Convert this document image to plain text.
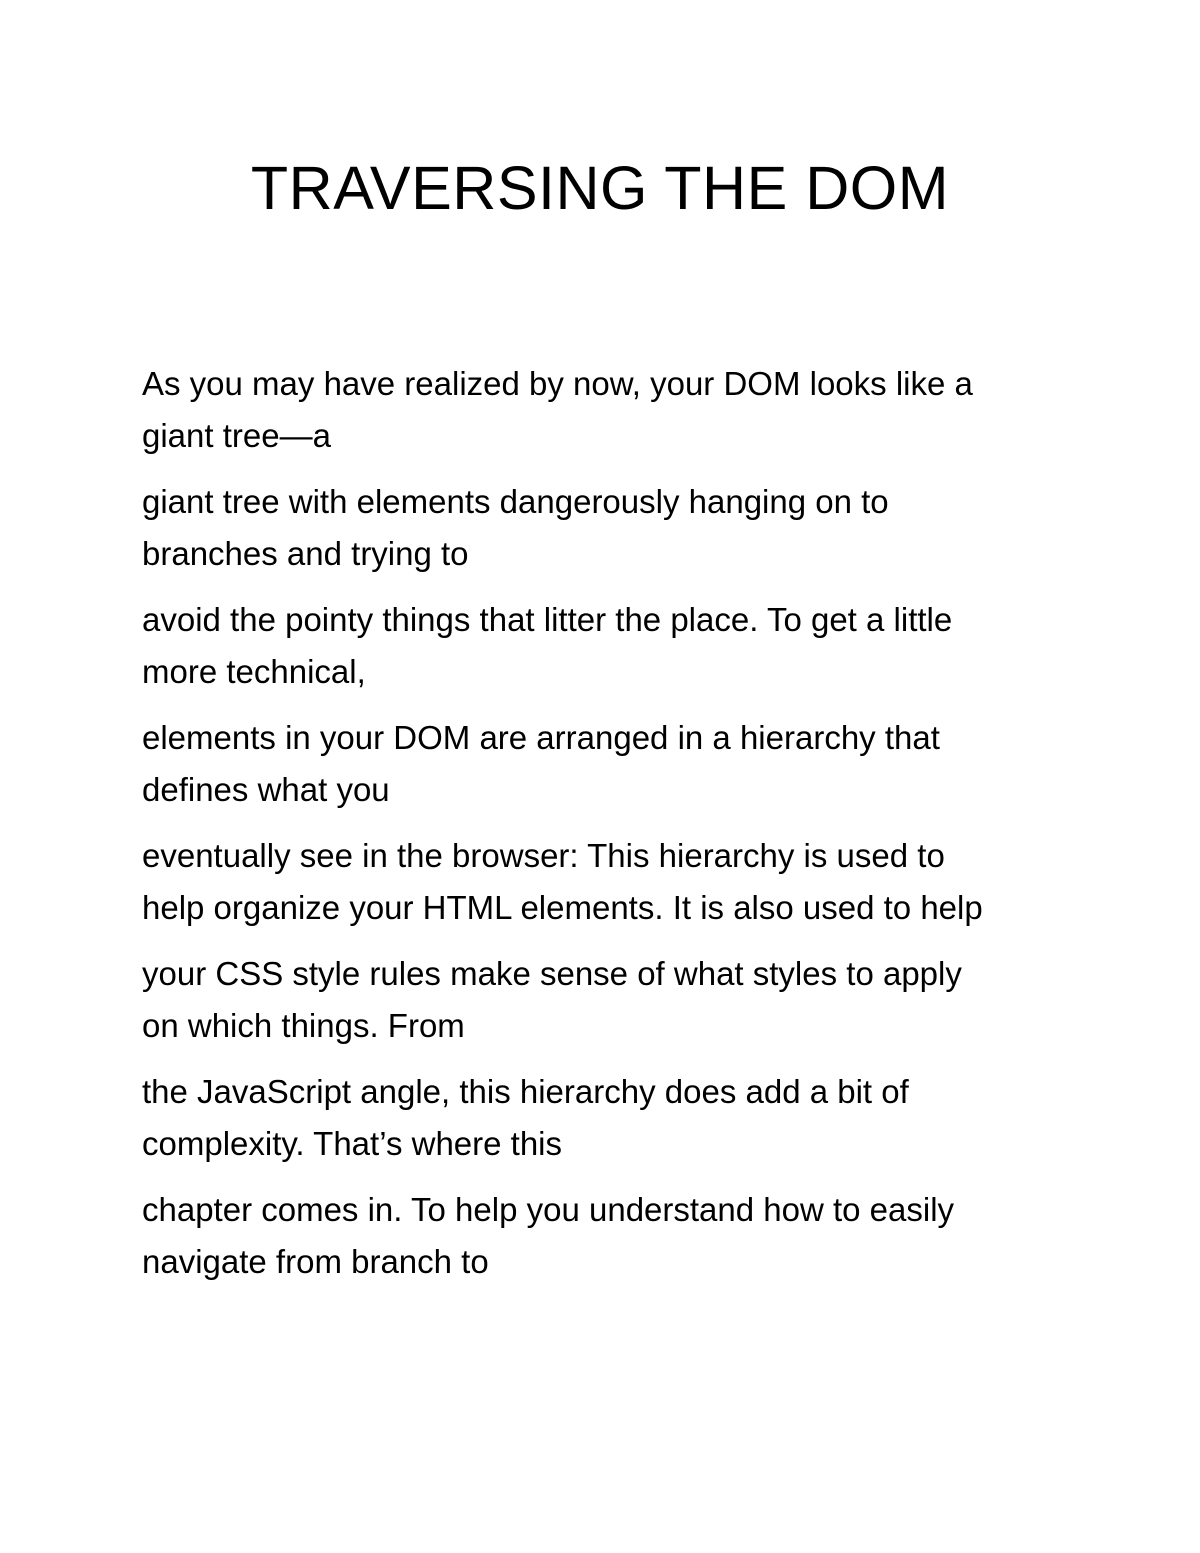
TRAVERSING THE DOM

As you may have realized by now, your DOM looks like a
giant tree—a

giant tree with elements dangerously hanging on to
branches and trying to

avoid the pointy things that litter the place. To get a little
more technical,

elements in your DOM are arranged in a hierarchy that
defines what you

eventually see in the browser: This hierarchy is used to
help organize your HTML elements. It is also used to help

your CSS style rules make sense of what styles to apply
on which things. From

the JavaScript angle, this hierarchy does add a bit of
complexity. That’s where this

chapter comes in. To help you understand how to easily
navigate from branch to
